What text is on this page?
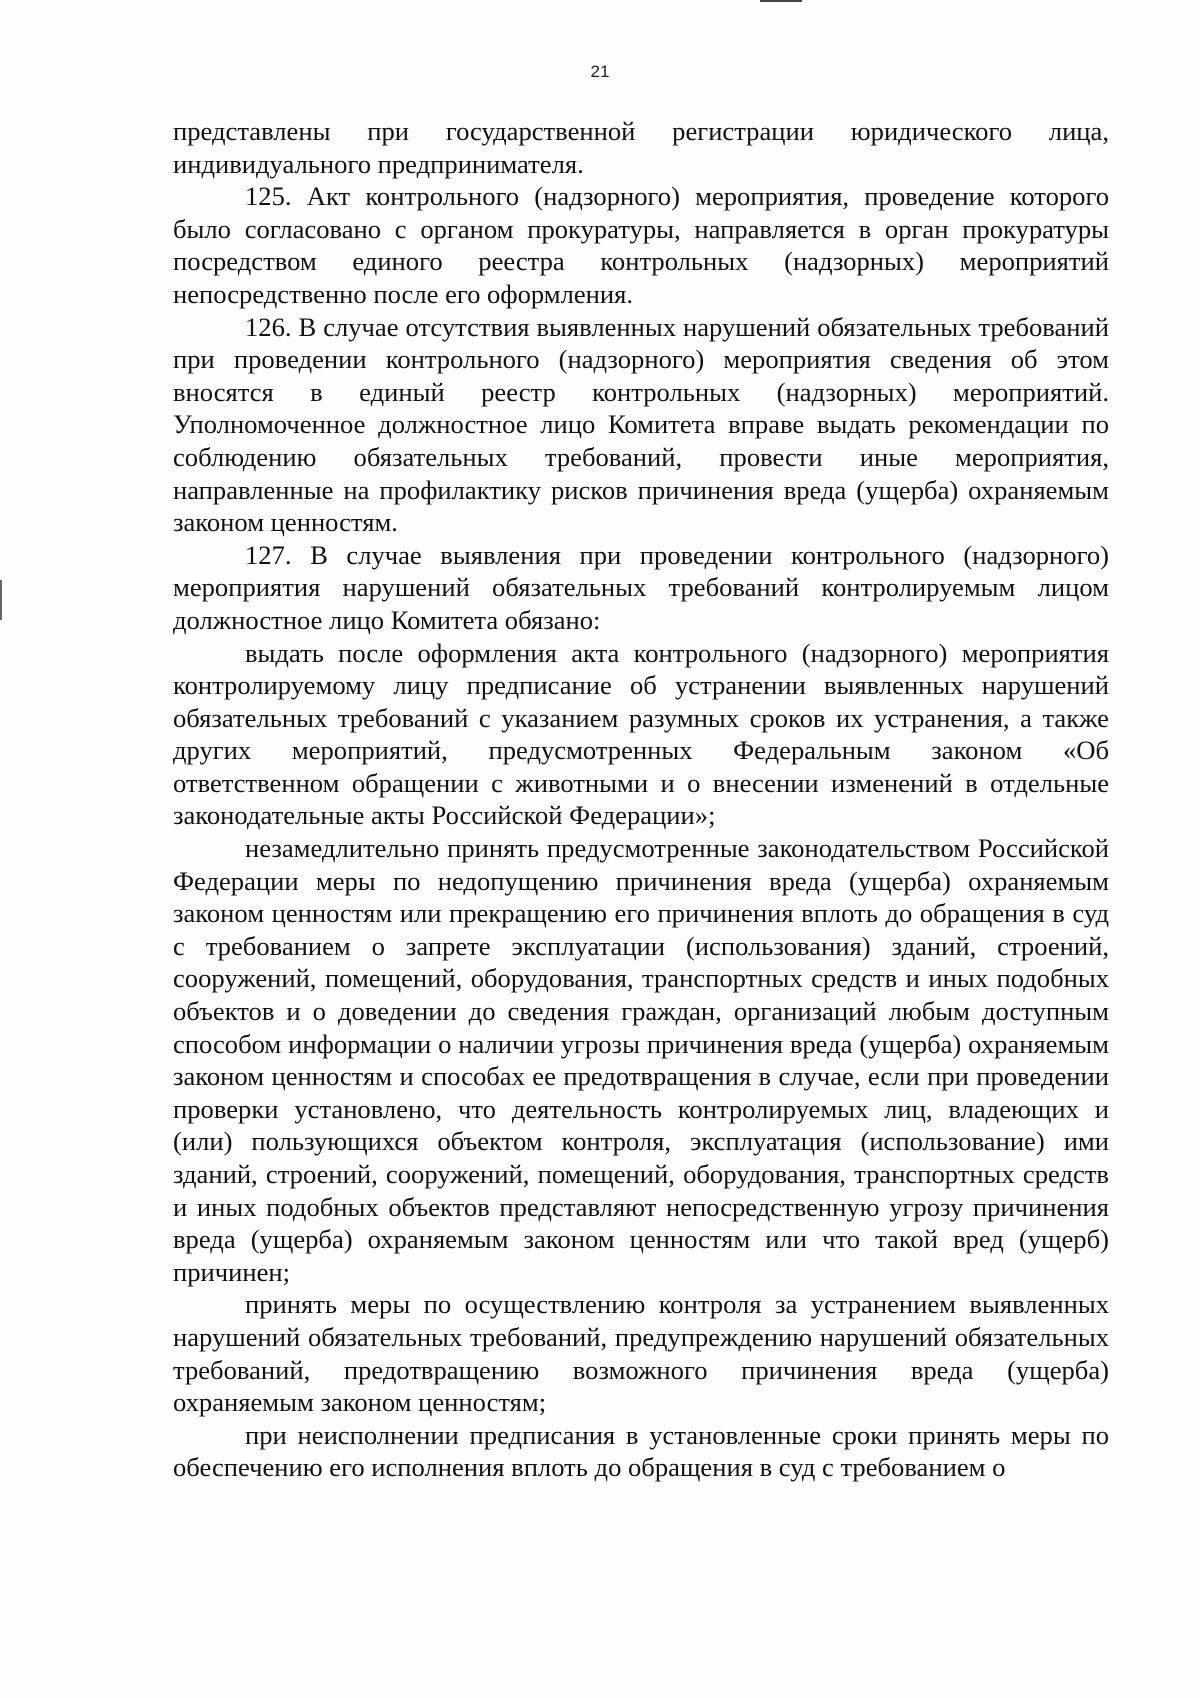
21

представлены при государственной регистрации юридического лица, индивидуального предпринимателя.

125. Акт контрольного (надзорного) мероприятия, проведение которого было согласовано с органом прокуратуры, направляется в орган прокуратуры посредством единого реестра контрольных (надзорных) мероприятий непосредственно после его оформления.

126. В случае отсутствия выявленных нарушений обязательных требований при проведении контрольного (надзорного) мероприятия сведения об этом вносятся в единый реестр контрольных (надзорных) мероприятий. Уполномоченное должностное лицо Комитета вправе выдать рекомендации по соблюдению обязательных требований, провести иные мероприятия, направленные на профилактику рисков причинения вреда (ущерба) охраняемым законом ценностям.

127. В случае выявления при проведении контрольного (надзорного) мероприятия нарушений обязательных требований контролируемым лицом должностное лицо Комитета обязано:

выдать после оформления акта контрольного (надзорного) мероприятия контролируемому лицу предписание об устранении выявленных нарушений обязательных требований с указанием разумных сроков их устранения, а также других мероприятий, предусмотренных Федеральным законом «Об ответственном обращении с животными и о внесении изменений в отдельные законодательные акты Российской Федерации»;

незамедлительно принять предусмотренные законодательством Российской Федерации меры по недопущению причинения вреда (ущерба) охраняемым законом ценностям или прекращению его причинения вплоть до обращения в суд с требованием о запрете эксплуатации (использования) зданий, строений, сооружений, помещений, оборудования, транспортных средств и иных подобных объектов и о доведении до сведения граждан, организаций любым доступным способом информации о наличии угрозы причинения вреда (ущерба) охраняемым законом ценностям и способах ее предотвращения в случае, если при проведении проверки установлено, что деятельность контролируемых лиц, владеющих и (или) пользующихся объектом контроля, эксплуатация (использование) ими зданий, строений, сооружений, помещений, оборудования, транспортных средств и иных подобных объектов представляют непосредственную угрозу причинения вреда (ущерба) охраняемым законом ценностям или что такой вред (ущерб) причинен;

принять меры по осуществлению контроля за устранением выявленных нарушений обязательных требований, предупреждению нарушений обязательных требований, предотвращению возможного причинения вреда (ущерба) охраняемым законом ценностям;

при неисполнении предписания в установленные сроки принять меры по обеспечению его исполнения вплоть до обращения в суд с требованием о
